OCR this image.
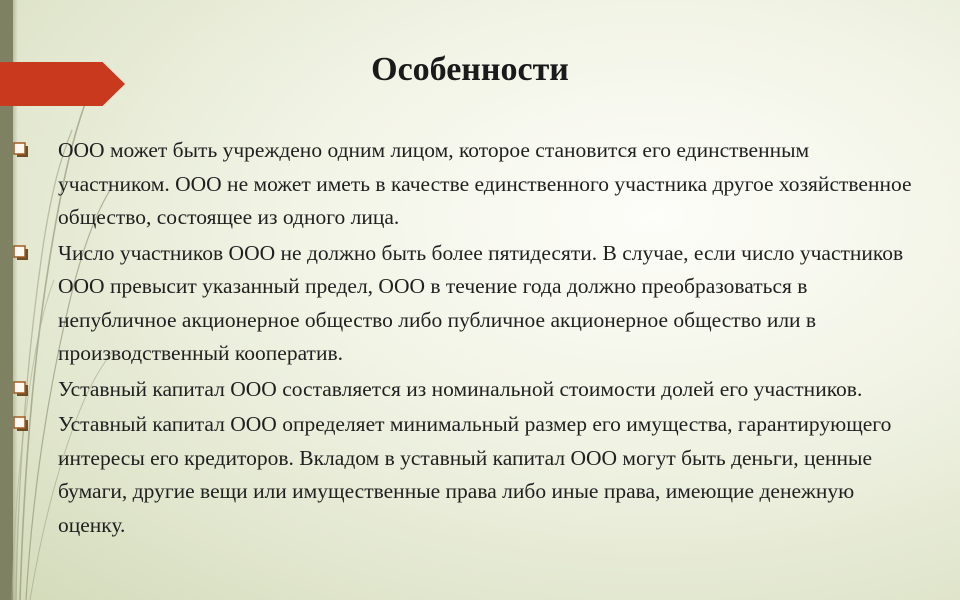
Особенности
ООО может быть учреждено одним лицом, которое становится его единственным участником. ООО не может иметь в качестве единственного участника другое хозяйственное общество, состоящее из одного лица.
Число участников ООО не должно быть более пятидесяти. В случае, если число участников ООО превысит указанный предел, ООО в течение года должно преобразоваться в непубличное акционерное общество либо публичное акционерное общество или в производственный кооператив.
Уставный капитал ООО составляется из номинальной стоимости долей его участников.
Уставный капитал ООО определяет минимальный размер его имущества, гарантирующего интересы его кредиторов. Вкладом в уставный капитал ООО могут быть деньги, ценные бумаги, другие вещи или имущественные права либо иные права, имеющие денежную оценку.
